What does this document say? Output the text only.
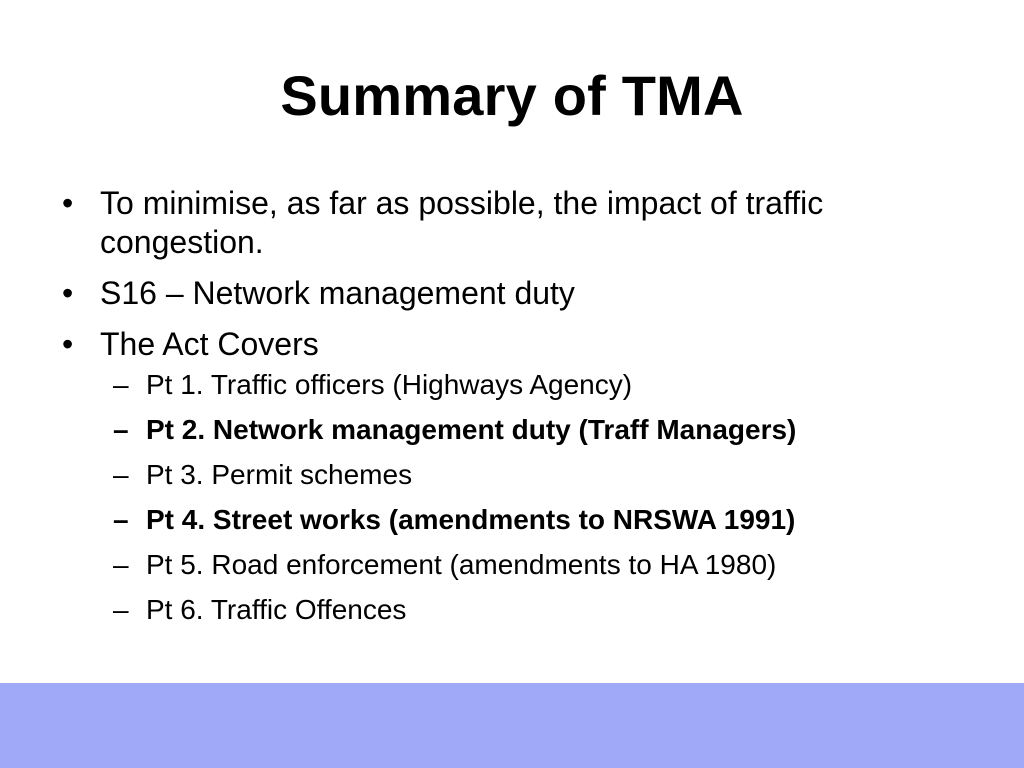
Summary of TMA
• To minimise, as far as possible, the impact of traffic congestion.
• S16 – Network management duty
• The Act Covers
– Pt 1. Traffic officers (Highways Agency)
– Pt 2. Network management duty (Traff Managers)
– Pt 3. Permit schemes
– Pt 4. Street works (amendments to NRSWA 1991)
– Pt 5. Road enforcement (amendments to HA 1980)
– Pt 6. Traffic Offences
